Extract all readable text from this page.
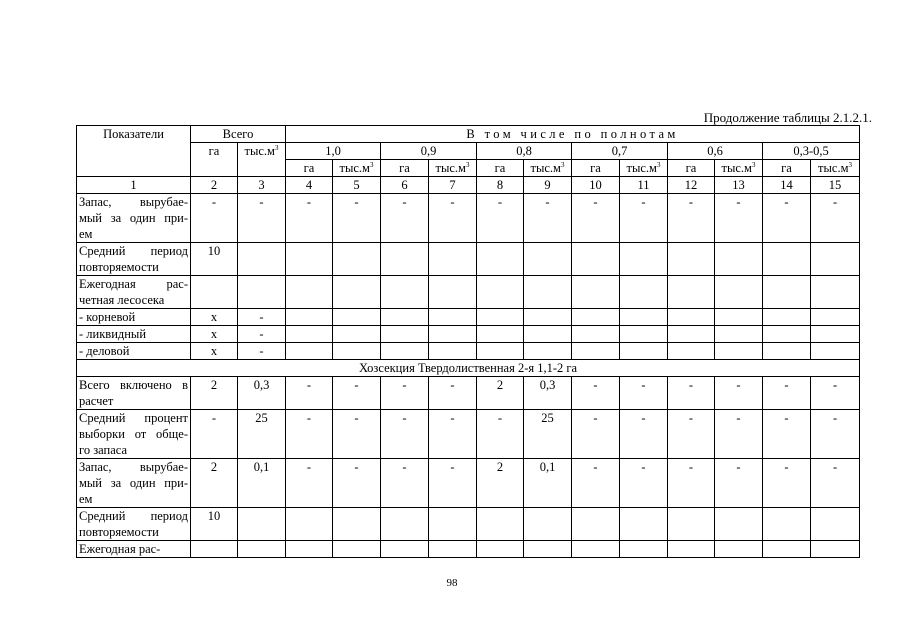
Продолжение таблицы 2.1.2.1.
Показатели	Всего		В том числе по полнотам											
	га	$тыс.м^3$	1,0		0,9		0,8		0,7		0,6		0,3-0,5	
			га	$тыс.м^3$	га	$тыс.м^3$	га	$тыс.м^3$	га	$тыс.м^3$	га	$тыс.м^3$	га	$тыс.м^3$
1	2	3	4	5	6	7	8	9	10	11	12	13	14	15

Запас, вырубае-
мый за один при-
ем	-	-	-	-	-	-	-	-	-	-	-	-	-	-

Средний период
повторяемости	10													

Ежегодная рас-
четная лесосека														

- корневой	х	-												

- ликвидный	х	-												

- деловой	х	-												
Хозсекция Твердолиственная 2-я 1,1-2 га														

Всего включено в
расчет	2	0,3	-	-	-	-	2	0,3	-	-	-	-	-	-

Средний процент
выборки от обще-
го запаса	-	25	-	-	-	-	-	25	-	-	-	-	-	-

Запас, вырубае-
мый за один при-
ем	2	0,1	-	-	-	-	2	0,1	-	-	-	-	-	-

Средний период
повторяемости	10													

Ежегодная рас-														

98
